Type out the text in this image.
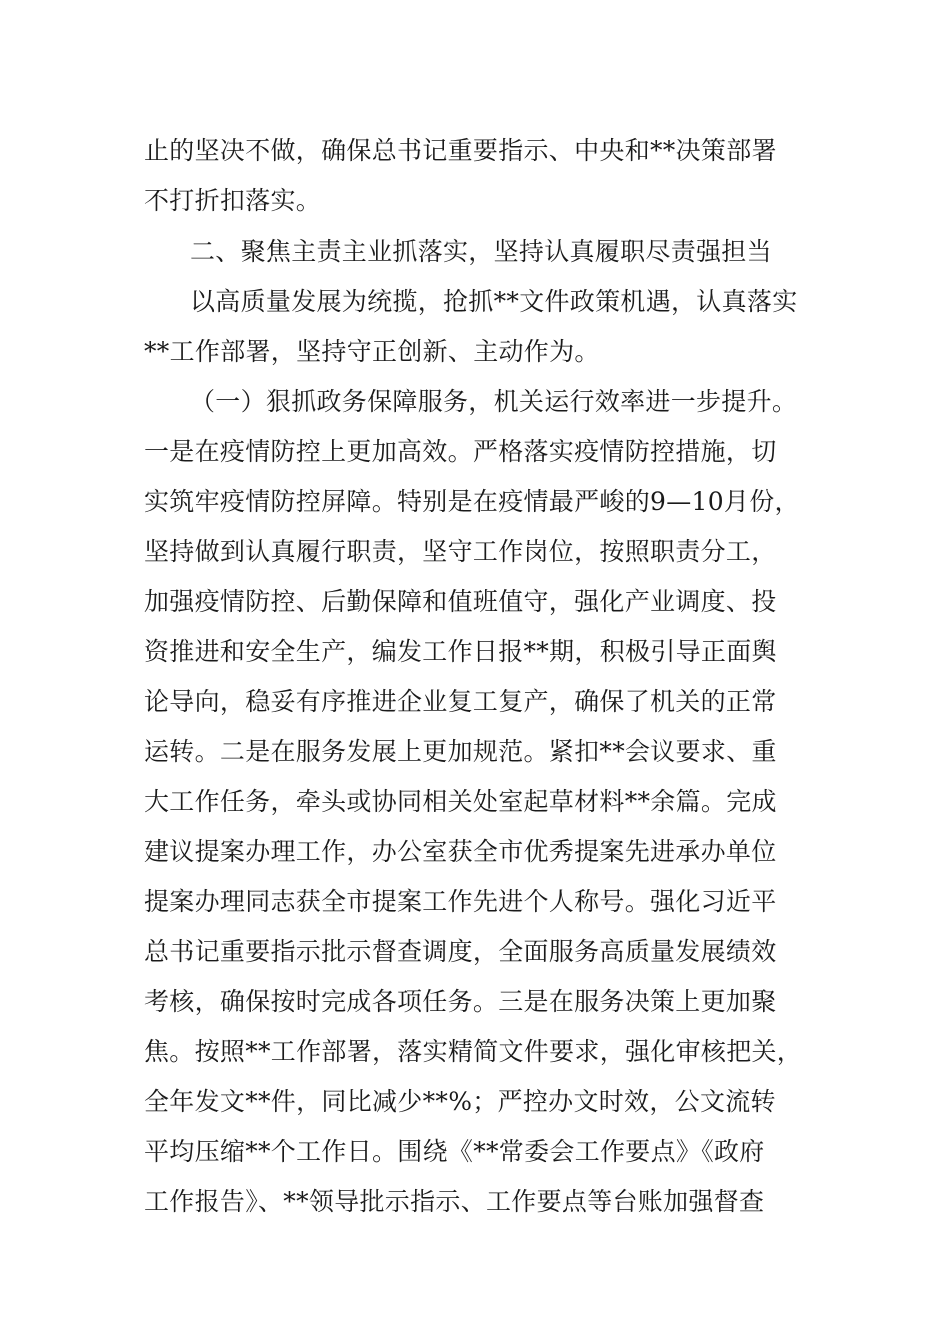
止的坚决不做，确保总书记重要指示、中央和**决策部署
不打折扣落实。
二、聚焦主责主业抓落实，坚持认真履职尽责强担当
以高质量发展为统揽，抢抓**文件政策机遇，认真落实
**工作部署，坚持守正创新、主动作为。
（一）狠抓政务保障服务，机关运行效率进一步提升。
一是在疫情防控上更加高效。严格落实疫情防控措施，切
实筑牢疫情防控屏障。特别是在疫情最严峻的9—10月份，
坚持做到认真履行职责，坚守工作岗位，按照职责分工，
加强疫情防控、后勤保障和值班值守，强化产业调度、投
资推进和安全生产，编发工作日报**期，积极引导正面舆
论导向，稳妥有序推进企业复工复产，确保了机关的正常
运转。二是在服务发展上更加规范。紧扣**会议要求、重
大工作任务，牵头或协同相关处室起草材料**余篇。完成
建议提案办理工作，办公室获全市优秀提案先进承办单位
提案办理同志获全市提案工作先进个人称号。强化习近平
总书记重要指示批示督查调度，全面服务高质量发展绩效
考核，确保按时完成各项任务。三是在服务决策上更加聚
焦。按照**工作部署，落实精简文件要求，强化审核把关，
全年发文**件，同比减少**%；严控办文时效，公文流转
平均压缩**个工作日。围绕《**常委会工作要点》《政府
工作报告》、**领导批示指示、工作要点等台账加强督查
